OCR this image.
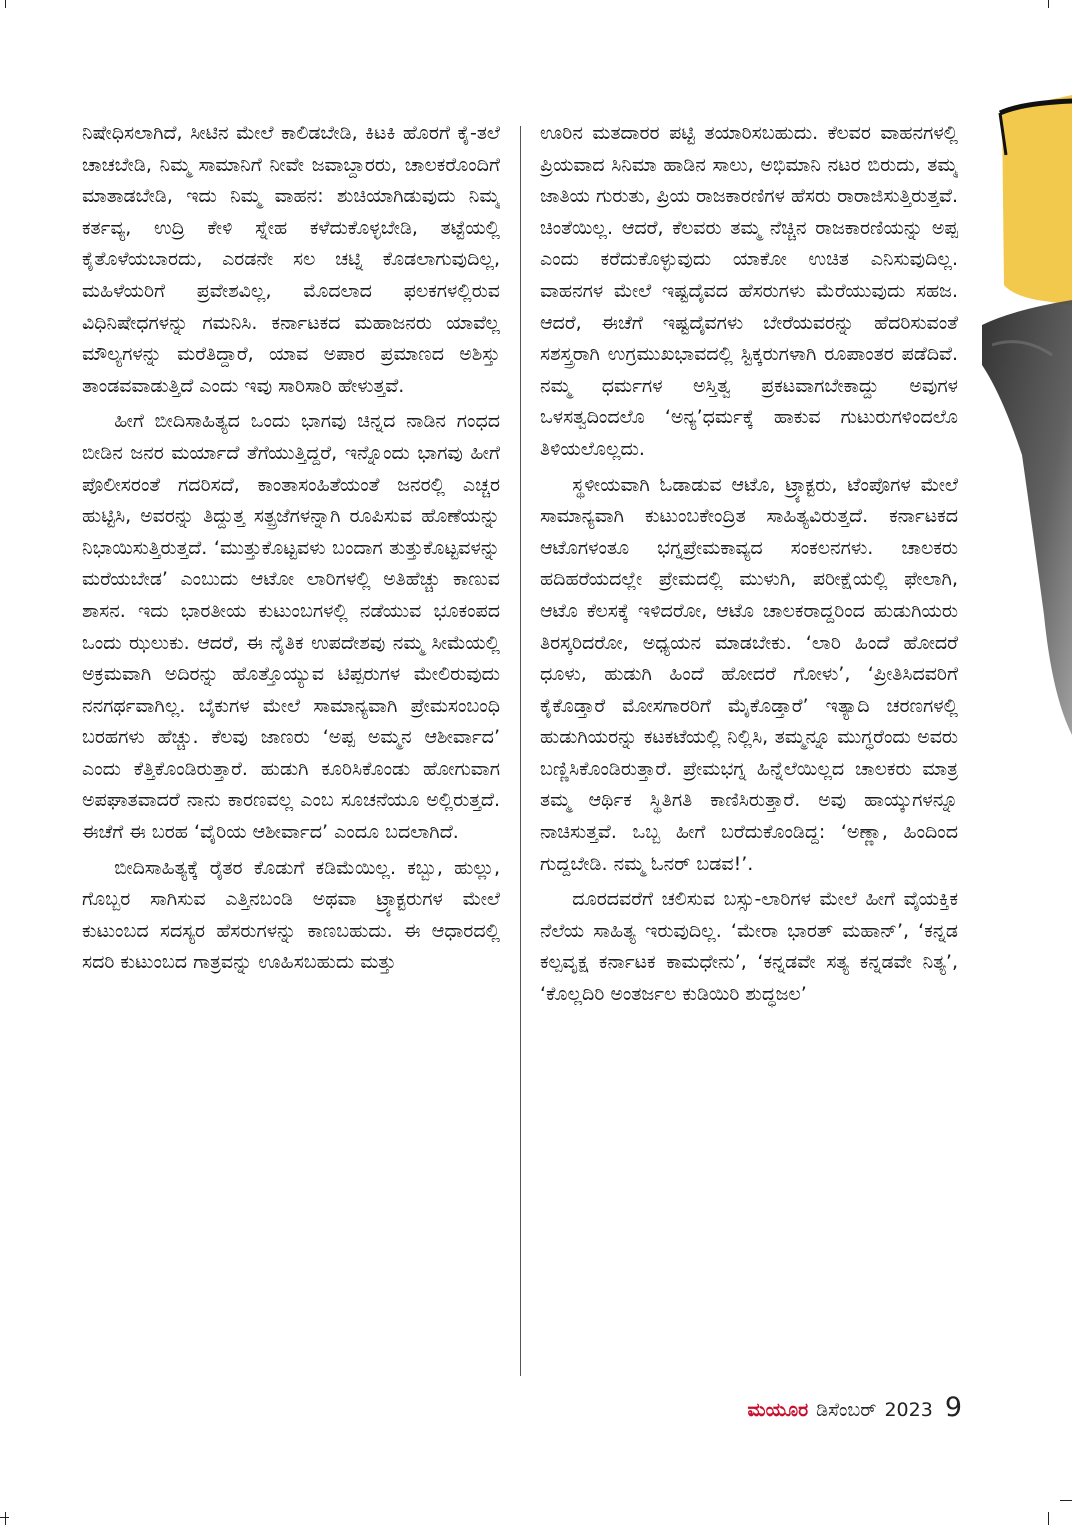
ನಿಷೇಧಿಸಲಾಗಿದೆ, ಸೀಟಿನ ಮೇಲೆ ಕಾಲಿಡಬೇಡಿ, ಕಿಟಕಿ ಹೊರಗೆ ಕೈ-ತಲೆ ಚಾಚಬೇಡಿ, ನಿಮ್ಮ ಸಾಮಾನಿಗೆ ನೀವೇ ಜವಾಬ್ದಾರರು, ಚಾಲಕರೊಂದಿಗೆ ಮಾತಾಡಬೇಡಿ, ಇದು ನಿಮ್ಮ ವಾಹನ: ಶುಚಿಯಾಗಿಡುವುದು ನಿಮ್ಮ ಕರ್ತವ್ಯ, ಉದ್ರಿ ಕೇಳಿ ಸ್ನೇಹ ಕಳೆದುಕೊಳ್ಳಬೇಡಿ, ತಟ್ಟೆಯಲ್ಲಿ ಕೈತೊಳೆಯಬಾರದು, ಎರಡನೇ ಸಲ ಚಟ್ನಿ ಕೊಡಲಾಗುವುದಿಲ್ಲ, ಮಹಿಳೆಯರಿಗೆ ಪ್ರವೇಶವಿಲ್ಲ, ಮೊದಲಾದ ಫಲಕಗಳಲ್ಲಿರುವ ವಿಧಿನಿಷೇಧಗಳನ್ನು ಗಮನಿಸಿ. ಕರ್ನಾಟಕದ ಮಹಾಜನರು ಯಾವೆಲ್ಲ ಮೌಲ್ಯಗಳನ್ನು ಮರೆತಿದ್ದಾರೆ, ಯಾವ ಅಪಾರ ಪ್ರಮಾಣದ ಅಶಿಸ್ತು ತಾಂಡವವಾಡುತ್ತಿದೆ ಎಂದು ಇವು ಸಾರಿಸಾರಿ ಹೇಳುತ್ತವೆ.

ಹೀಗೆ ಬೀದಿಸಾಹಿತ್ಯದ ಒಂದು ಭಾಗವು ಚಿನ್ನದ ನಾಡಿನ ಗಂಧದ ಬೀಡಿನ ಜನರ ಮರ್ಯಾದೆ ತೆಗೆಯುತ್ತಿದ್ದರೆ, ಇನ್ನೊಂದು ಭಾಗವು ಹೀಗೆ ಪೊಲೀಸರಂತೆ ಗದರಿಸದೆ, ಕಾಂತಾಸಂಹಿತೆಯಂತೆ ಜನರಲ್ಲಿ ಎಚ್ಚರ ಹುಟ್ಟಿಸಿ, ಅವರನ್ನು ತಿದ್ದುತ್ತ ಸತ್ಪ್ರಜೆಗಳನ್ನಾಗಿ ರೂಪಿಸುವ ಹೊಣೆಯನ್ನು ನಿಭಾಯಿಸುತ್ತಿರುತ್ತದೆ. ‘ಮುತ್ತುಕೊಟ್ಟವಳು ಬಂದಾಗ ತುತ್ತುಕೊಟ್ಟವಳನ್ನು ಮರೆಯಬೇಡ’ ಎಂಬುದು ಆಟೋ ಲಾರಿಗಳಲ್ಲಿ ಅತಿಹೆಚ್ಚು ಕಾಣುವ ಶಾಸನ. ಇದು ಭಾರತೀಯ ಕುಟುಂಬಗಳಲ್ಲಿ ನಡೆಯುವ ಭೂಕಂಪದ ಒಂದು ಝಲುಕು. ಆದರೆ, ಈ ನೈತಿಕ ಉಪದೇಶವು ನಮ್ಮ ಸೀಮೆಯಲ್ಲಿ ಅಕ್ರಮವಾಗಿ ಅದಿರನ್ನು ಹೊತ್ತೊಯ್ಯುವ ಟಿಪ್ಪರುಗಳ ಮೇಲಿರುವುದು ನನಗರ್ಥವಾಗಿಲ್ಲ. ಬೈಕುಗಳ ಮೇಲೆ ಸಾಮಾನ್ಯವಾಗಿ ಪ್ರೇಮಸಂಬಂಧಿ ಬರಹಗಳು ಹೆಚ್ಚು. ಕೆಲವು ಜಾಣರು ‘ಅಪ್ಪ ಅಮ್ಮನ ಆಶೀರ್ವಾದ’ ಎಂದು ಕೆತ್ತಿಕೊಂಡಿರುತ್ತಾರೆ. ಹುಡುಗಿ ಕೂರಿಸಿಕೊಂಡು ಹೋಗುವಾಗ ಅಪಘಾತವಾದರೆ ನಾನು ಕಾರಣವಲ್ಲ ಎಂಬ ಸೂಚನೆಯೂ ಅಲ್ಲಿರುತ್ತದೆ. ಈಚೆಗೆ ಈ ಬರಹ ‘ವೈರಿಯ ಆಶೀರ್ವಾದ’ ಎಂದೂ ಬದಲಾಗಿದೆ.

ಬೀದಿಸಾಹಿತ್ಯಕ್ಕೆ ರೈತರ ಕೊಡುಗೆ ಕಡಿಮೆಯಿಲ್ಲ. ಕಬ್ಬು, ಹುಲ್ಲು, ಗೊಬ್ಬರ ಸಾಗಿಸುವ ಎತ್ತಿನಬಂಡಿ ಅಥವಾ ಟ್ರ್ಯಾಕ್ಟರುಗಳ ಮೇಲೆ ಕುಟುಂಬದ ಸದಸ್ಯರ ಹೆಸರುಗಳನ್ನು ಕಾಣಬಹುದು. ಈ ಆಧಾರದಲ್ಲಿ ಸದರಿ ಕುಟುಂಬದ ಗಾತ್ರವನ್ನು ಊಹಿಸಬಹುದು ಮತ್ತು

ಊರಿನ ಮತದಾರರ ಪಟ್ಟಿ ತಯಾರಿಸಬಹುದು. ಕೆಲವರ ವಾಹನಗಳಲ್ಲಿ ಪ್ರಿಯವಾದ ಸಿನಿಮಾ ಹಾಡಿನ ಸಾಲು, ಅಭಿಮಾನಿ ನಟರ ಬಿರುದು, ತಮ್ಮ ಜಾತಿಯ ಗುರುತು, ಪ್ರಿಯ ರಾಜಕಾರಣಿಗಳ ಹೆಸರು ರಾರಾಜಿಸುತ್ತಿರುತ್ತವೆ. ಚಿಂತೆಯಿಲ್ಲ. ಆದರೆ, ಕೆಲವರು ತಮ್ಮ ನೆಚ್ಚಿನ ರಾಜಕಾರಣಿಯನ್ನು ಅಪ್ಪ ಎಂದು ಕರೆದುಕೊಳ್ಳುವುದು ಯಾಕೋ ಉಚಿತ ಎನಿಸುವುದಿಲ್ಲ. ವಾಹನಗಳ ಮೇಲೆ ಇಷ್ಟದೈವದ ಹೆಸರುಗಳು ಮೆರೆಯುವುದು ಸಹಜ. ಆದರೆ, ಈಚೆಗೆ ಇಷ್ಟದೈವಗಳು ಬೇರೆಯವರನ್ನು ಹೆದರಿಸುವಂತೆ ಸಶಸ್ತ್ರರಾಗಿ ಉಗ್ರಮುಖಭಾವದಲ್ಲಿ ಸ್ಟಿಕ್ಕರುಗಳಾಗಿ ರೂಪಾಂತರ ಪಡೆದಿವೆ. ನಮ್ಮ ಧರ್ಮಗಳ ಅಸ್ತಿತ್ವ ಪ್ರಕಟವಾಗಬೇಕಾದ್ದು ಅವುಗಳ ಒಳಸತ್ವದಿಂದಲೊ ‘ಅನ್ಯ’ಧರ್ಮಕ್ಕೆ ಹಾಕುವ ಗುಟುರುಗಳಿಂದಲೊ ತಿಳಿಯಲೊಲ್ಲದು.

ಸ್ಥಳೀಯವಾಗಿ ಓಡಾಡುವ ಆಟೊ, ಟ್ರ್ಯಾಕ್ಟರು, ಟೆಂಪೊಗಳ ಮೇಲೆ ಸಾಮಾನ್ಯವಾಗಿ ಕುಟುಂಬಕೇಂದ್ರಿತ ಸಾಹಿತ್ಯವಿರುತ್ತದೆ. ಕರ್ನಾಟಕದ ಆಟೊಗಳಂತೂ ಭಗ್ನಪ್ರೇಮಕಾವ್ಯದ ಸಂಕಲನಗಳು. ಚಾಲಕರು ಹದಿಹರೆಯದಲ್ಲೇ ಪ್ರೇಮದಲ್ಲಿ ಮುಳುಗಿ, ಪರೀಕ್ಷೆಯಲ್ಲಿ ಫೇಲಾಗಿ, ಆಟೊ ಕೆಲಸಕ್ಕೆ ಇಳಿದರೋ, ಆಟೊ ಚಾಲಕರಾದ್ದರಿಂದ ಹುಡುಗಿಯರು ತಿರಸ್ಕರಿದರೋ, ಅಧ್ಯಯನ ಮಾಡಬೇಕು. ‘ಲಾರಿ ಹಿಂದೆ ಹೋದರೆ ಧೂಳು, ಹುಡುಗಿ ಹಿಂದೆ ಹೋದರೆ ಗೋಳು’, ‘ಪ್ರೀತಿಸಿದವರಿಗೆ ಕೈಕೊಡ್ತಾರೆ ಮೋಸಗಾರರಿಗೆ ಮೈಕೊಡ್ತಾರೆ’ ಇತ್ಯಾದಿ ಚರಣಗಳಲ್ಲಿ ಹುಡುಗಿಯರನ್ನು ಕಟಕಟೆಯಲ್ಲಿ ನಿಲ್ಲಿಸಿ, ತಮ್ಮನ್ನೂ ಮುಗ್ಧರೆಂದು ಅವರು ಬಣ್ಣಿಸಿಕೊಂಡಿರುತ್ತಾರೆ. ಪ್ರೇಮಭಗ್ನ ಹಿನ್ನೆಲೆಯಿಲ್ಲದ ಚಾಲಕರು ಮಾತ್ರ ತಮ್ಮ ಆರ್ಥಿಕ ಸ್ಥಿತಿಗತಿ ಕಾಣಿಸಿರುತ್ತಾರೆ. ಅವು ಹಾಯ್ಕುಗಳನ್ನೂ ನಾಚಿಸುತ್ತವೆ. ಒಬ್ಬ ಹೀಗೆ ಬರೆದುಕೊಂಡಿದ್ದ: ‘ಅಣ್ಣಾ, ಹಿಂದಿಂದ ಗುದ್ದಬೇಡಿ. ನಮ್ಮ ಓನರ್ ಬಡವ!’.

ದೂರದವರೆಗೆ ಚಲಿಸುವ ಬಸ್ಸು-ಲಾರಿಗಳ ಮೇಲೆ ಹೀಗೆ ವೈಯಕ್ತಿಕ ನೆಲೆಯ ಸಾಹಿತ್ಯ ಇರುವುದಿಲ್ಲ. ‘ಮೇರಾ ಭಾರತ್ ಮಹಾನ್’, ‘ಕನ್ನಡ ಕಲ್ಪವೃಕ್ಷ ಕರ್ನಾಟಕ ಕಾಮಧೇನು’, ‘ಕನ್ನಡವೇ ಸತ್ಯ ಕನ್ನಡವೇ ನಿತ್ಯ’, ‘ಕೊಲ್ಲದಿರಿ ಅಂತರ್ಜಲ ಕುಡಿಯಿರಿ ಶುದ್ಧಜಲ’

ಮಯೂರ ಡಿಸೆಂಬರ್ 2023 9
